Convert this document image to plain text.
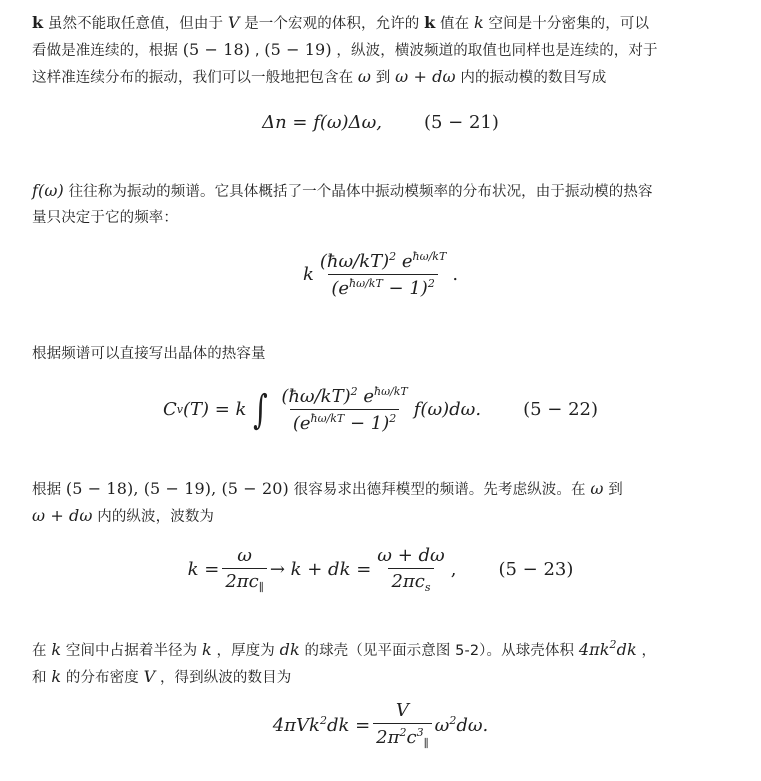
k 虽然不能取任意值，但由于 V 是一个宏观的体积，允许的 k 值在 k 空间是十分密集的，可以
看做是准连续的，根据 (5 − 18) , (5 − 19) ，纵波，横波频道的取值也同样也是连续的，对于
这样准连续分布的振动，我们可以一般地把包含在 ω 到 ω + dω 内的振动模的数目写成
Δn = f(ω)Δω, (5 − 21)
f(ω) 往往称为振动的频谱。它具体概括了一个晶体中振动模频率的分布状况，由于振动模的热容
量只决定于它的频率：
k $\frac{(ħ\omega/kT)^2 e^{ħ\omega/kT}}{(e^{ħ\omega/kT} - 1)^2}$ .
根据频谱可以直接写出晶体的热容量
C v (T) = k ∫ $\frac{(ħ\omega/kT)^2 e^{ħ\omega/kT}}{(e^{ħ\omega/kT} - 1)^2} f(\omega)d\omega$. (5 − 22)
根据 (5 − 18), (5 − 19), (5 − 20) 很容易求出德拜模型的频谱。先考虑纵波。在 ω 到
ω + dω 内的纵波，波数为
$k = \frac{\omega}{2\pi c_\parallel} \to k$ + dk = $\frac{\omega + d\omega}{2\pi c_s}$ , (5 − 23)
在 k 空间中占据着半径为 k ，厚度为 dk 的球壳（见平面示意图 5-2）。从球壳体积 $4\pi k^2dk$ ，
和 k 的分布密度 V ，得到纵波的数目为
$4\pi Vk^2dk = \frac{V}{2\pi^2c^3_\parallel} \omega^2d\omega$.
